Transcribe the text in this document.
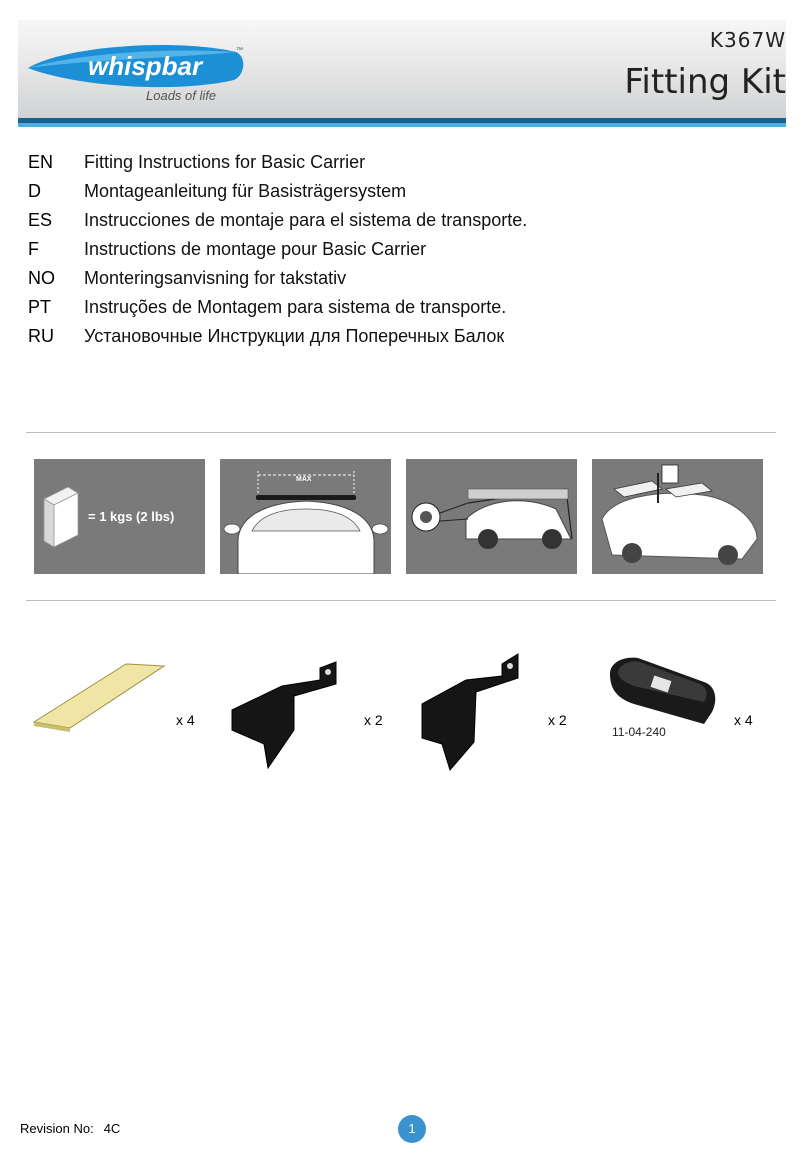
whispbar
™
Loads of life
K367W
Fitting Kit
EN	Fitting Instructions for Basic Carrier
D	Montageanleitung für Basisträgersystem
ES	Instrucciones de montaje para el sistema de transporte.
F	Instructions de montage pour Basic Carrier
NO	Monteringsanvisning for takstativ
PT	Instruções de Montagem para sistema de transporte.
RU	Установочные Инструкции для Поперечных Балок
= 1 kgs (2 lbs)
MAX
x 4	x 2	x 2
11-04-240
x 4
Revision No: 4C	1
